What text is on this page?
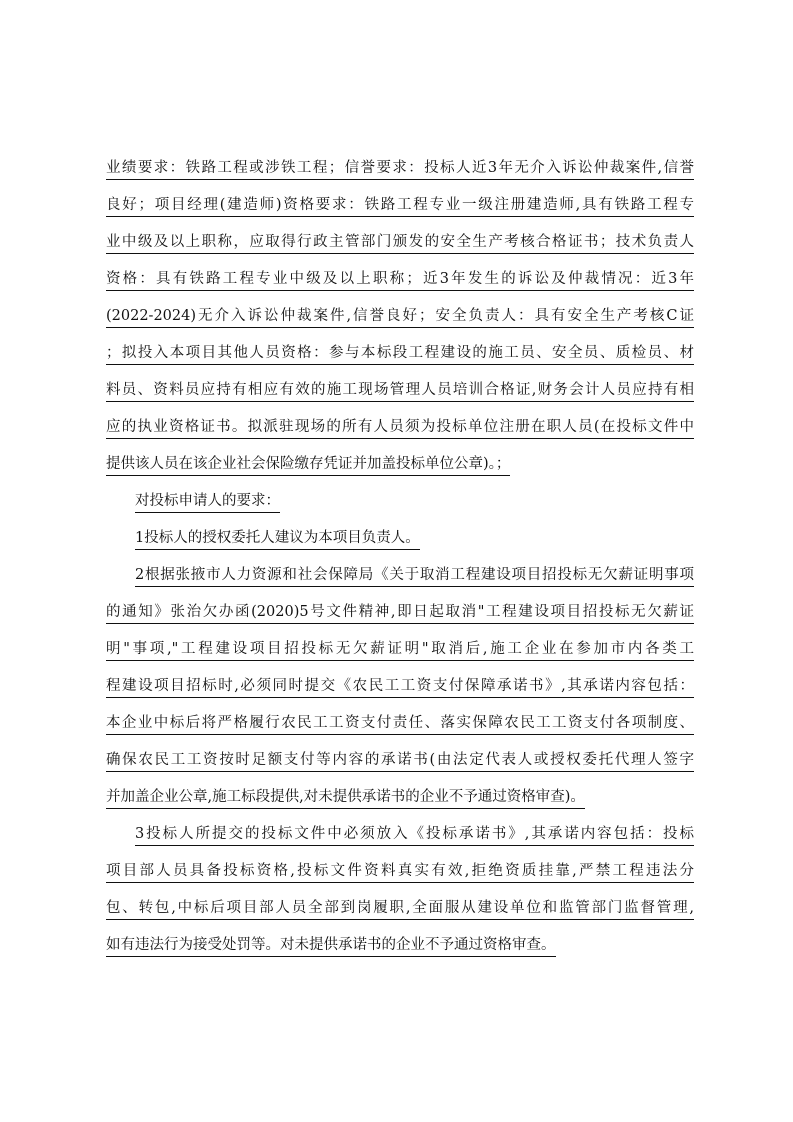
业绩要求：铁路工程或涉铁工程；信誉要求：投标人近3年无介入诉讼仲裁案件,信誉
良好；项目经理(建造师)资格要求：铁路工程专业一级注册建造师,具有铁路工程专
业中级及以上职称，应取得行政主管部门颁发的安全生产考核合格证书；技术负责人
资格：具有铁路工程专业中级及以上职称；近3年发生的诉讼及仲裁情况：近3年
(2022-2024)无介入诉讼仲裁案件,信誉良好；安全负责人：具有安全生产考核C证
；拟投入本项目其他人员资格：参与本标段工程建设的施工员、安全员、质检员、材
料员、资料员应持有相应有效的施工现场管理人员培训合格证,财务会计人员应持有相
应的执业资格证书。拟派驻现场的所有人员须为投标单位注册在职人员(在投标文件中
提供该人员在该企业社会保险缴存凭证并加盖投标单位公章)。；
对投标申请人的要求：
1投标人的授权委托人建议为本项目负责人。
2根据张掖市人力资源和社会保障局《关于取消工程建设项目招投标无欠薪证明事项
的通知》张治欠办函(2020)5号文件精神,即日起取消"工程建设项目招投标无欠薪证
明"事项,"工程建设项目招投标无欠薪证明"取消后,施工企业在参加市内各类工
程建设项目招标时,必须同时提交《农民工工资支付保障承诺书》,其承诺内容包括：
本企业中标后将严格履行农民工工资支付责任、落实保障农民工工资支付各项制度、
确保农民工工资按时足额支付等内容的承诺书(由法定代表人或授权委托代理人签字
并加盖企业公章,施工标段提供,对未提供承诺书的企业不予通过资格审查)。
3投标人所提交的投标文件中必须放入《投标承诺书》,其承诺内容包括：投标
项目部人员具备投标资格,投标文件资料真实有效,拒绝资质挂靠,严禁工程违法分
包、转包,中标后项目部人员全部到岗履职,全面服从建设单位和监管部门监督管理,
如有违法行为接受处罚等。对未提供承诺书的企业不予通过资格审查。
